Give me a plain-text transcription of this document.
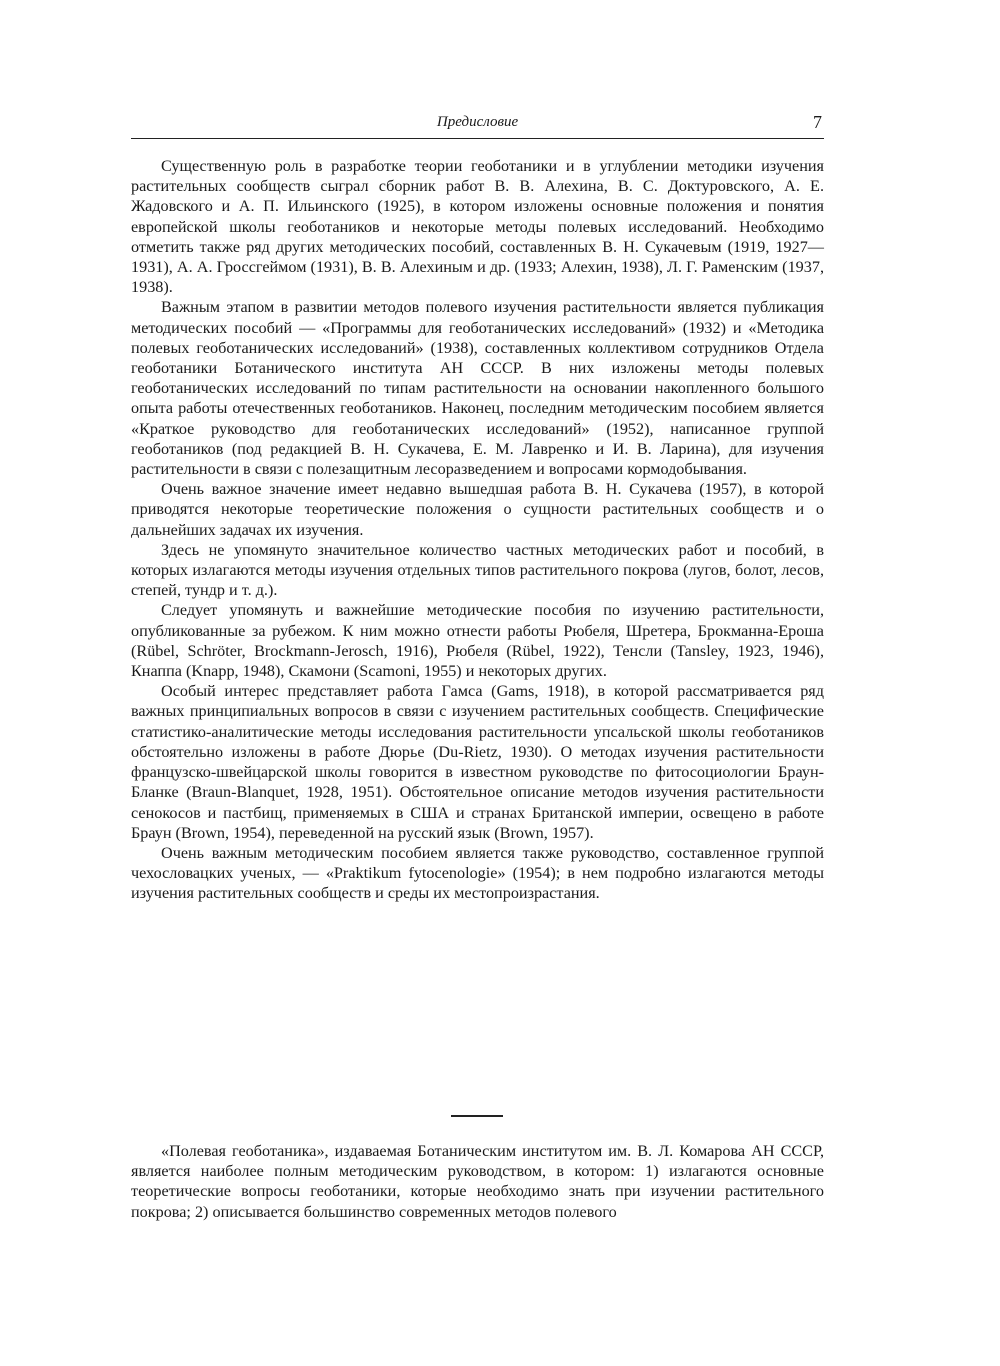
Предисловие	7

Существенную роль в разработке теории геоботаники и в углублении методики изучения растительных сообществ сыграл сборник работ В. В. Алехина, В. С. Доктуровского, А. Е. Жадовского и А. П. Ильинского (1925), в котором изложены основные положения и понятия европейской школы геоботаников и некоторые методы полевых исследований. Необходимо отметить также ряд других методических пособий, составленных В. Н. Сукачевым (1919, 1927—1931), А. А. Гроссгеймом (1931), В. В. Алехиным и др. (1933; Алехин, 1938), Л. Г. Раменским (1937, 1938).

Важным этапом в развитии методов полевого изучения растительности является публикация методических пособий — «Программы для геоботанических исследований» (1932) и «Методика полевых геоботанических исследований» (1938), составленных коллективом сотрудников Отдела геоботаники Ботанического института АН СССР. В них изложены методы полевых геоботанических исследований по типам растительности на основании накопленного большого опыта работы отечественных геоботаников. Наконец, последним методическим пособием является «Краткое руководство для геоботанических исследований» (1952), написанное группой геоботаников (под редакцией В. Н. Сукачева, Е. М. Лавренко и И. В. Ларина), для изучения растительности в связи с полезащитным лесоразведением и вопросами кормодобывания.

Очень важное значение имеет недавно вышедшая работа В. Н. Сукачева (1957), в которой приводятся некоторые теоретические положения о сущности растительных сообществ и о дальнейших задачах их изучения.

Здесь не упомянуто значительное количество частных методических работ и пособий, в которых излагаются методы изучения отдельных типов растительного покрова (лугов, болот, лесов, степей, тундр и т. д.).

Следует упомянуть и важнейшие методические пособия по изучению растительности, опубликованные за рубежом. К ним можно отнести работы Рюбеля, Шретера, Брокманна-Ероша (Rübel, Schröter, Brockmann-Jerosch, 1916), Рюбеля (Rübel, 1922), Тенсли (Tansley, 1923, 1946), Кнаппа (Knapp, 1948), Скамони (Scamoni, 1955) и некоторых других.

Особый интерес представляет работа Гамса (Gams, 1918), в которой рассматривается ряд важных принципиальных вопросов в связи с изучением растительных сообществ. Специфические статистико-аналитические методы исследования растительности упсальской школы геоботаников обстоятельно изложены в работе Дюрье (Du-Rietz, 1930). О методах изучения растительности французско-швейцарской школы говорится в известном руководстве по фитосоциологии Браун-Бланке (Braun-Blanquet, 1928, 1951). Обстоятельное описание методов изучения растительности сенокосов и пастбищ, применяемых в США и странах Британской империи, освещено в работе Браун (Brown, 1954), переведенной на русский язык (Brown, 1957).

Очень важным методическим пособием является также руководство, составленное группой чехословацких ученых, — «Praktikum fytocenologie» (1954); в нем подробно излагаются методы изучения растительных сообществ и среды их местопроизрастания.

«Полевая геоботаника», издаваемая Ботаническим институтом им. В. Л. Комарова АН СССР, является наиболее полным методическим руководством, в котором: 1) излагаются основные теоретические вопросы геоботаники, которые необходимо знать при изучении растительного покрова; 2) описывается большинство современных методов полевого
